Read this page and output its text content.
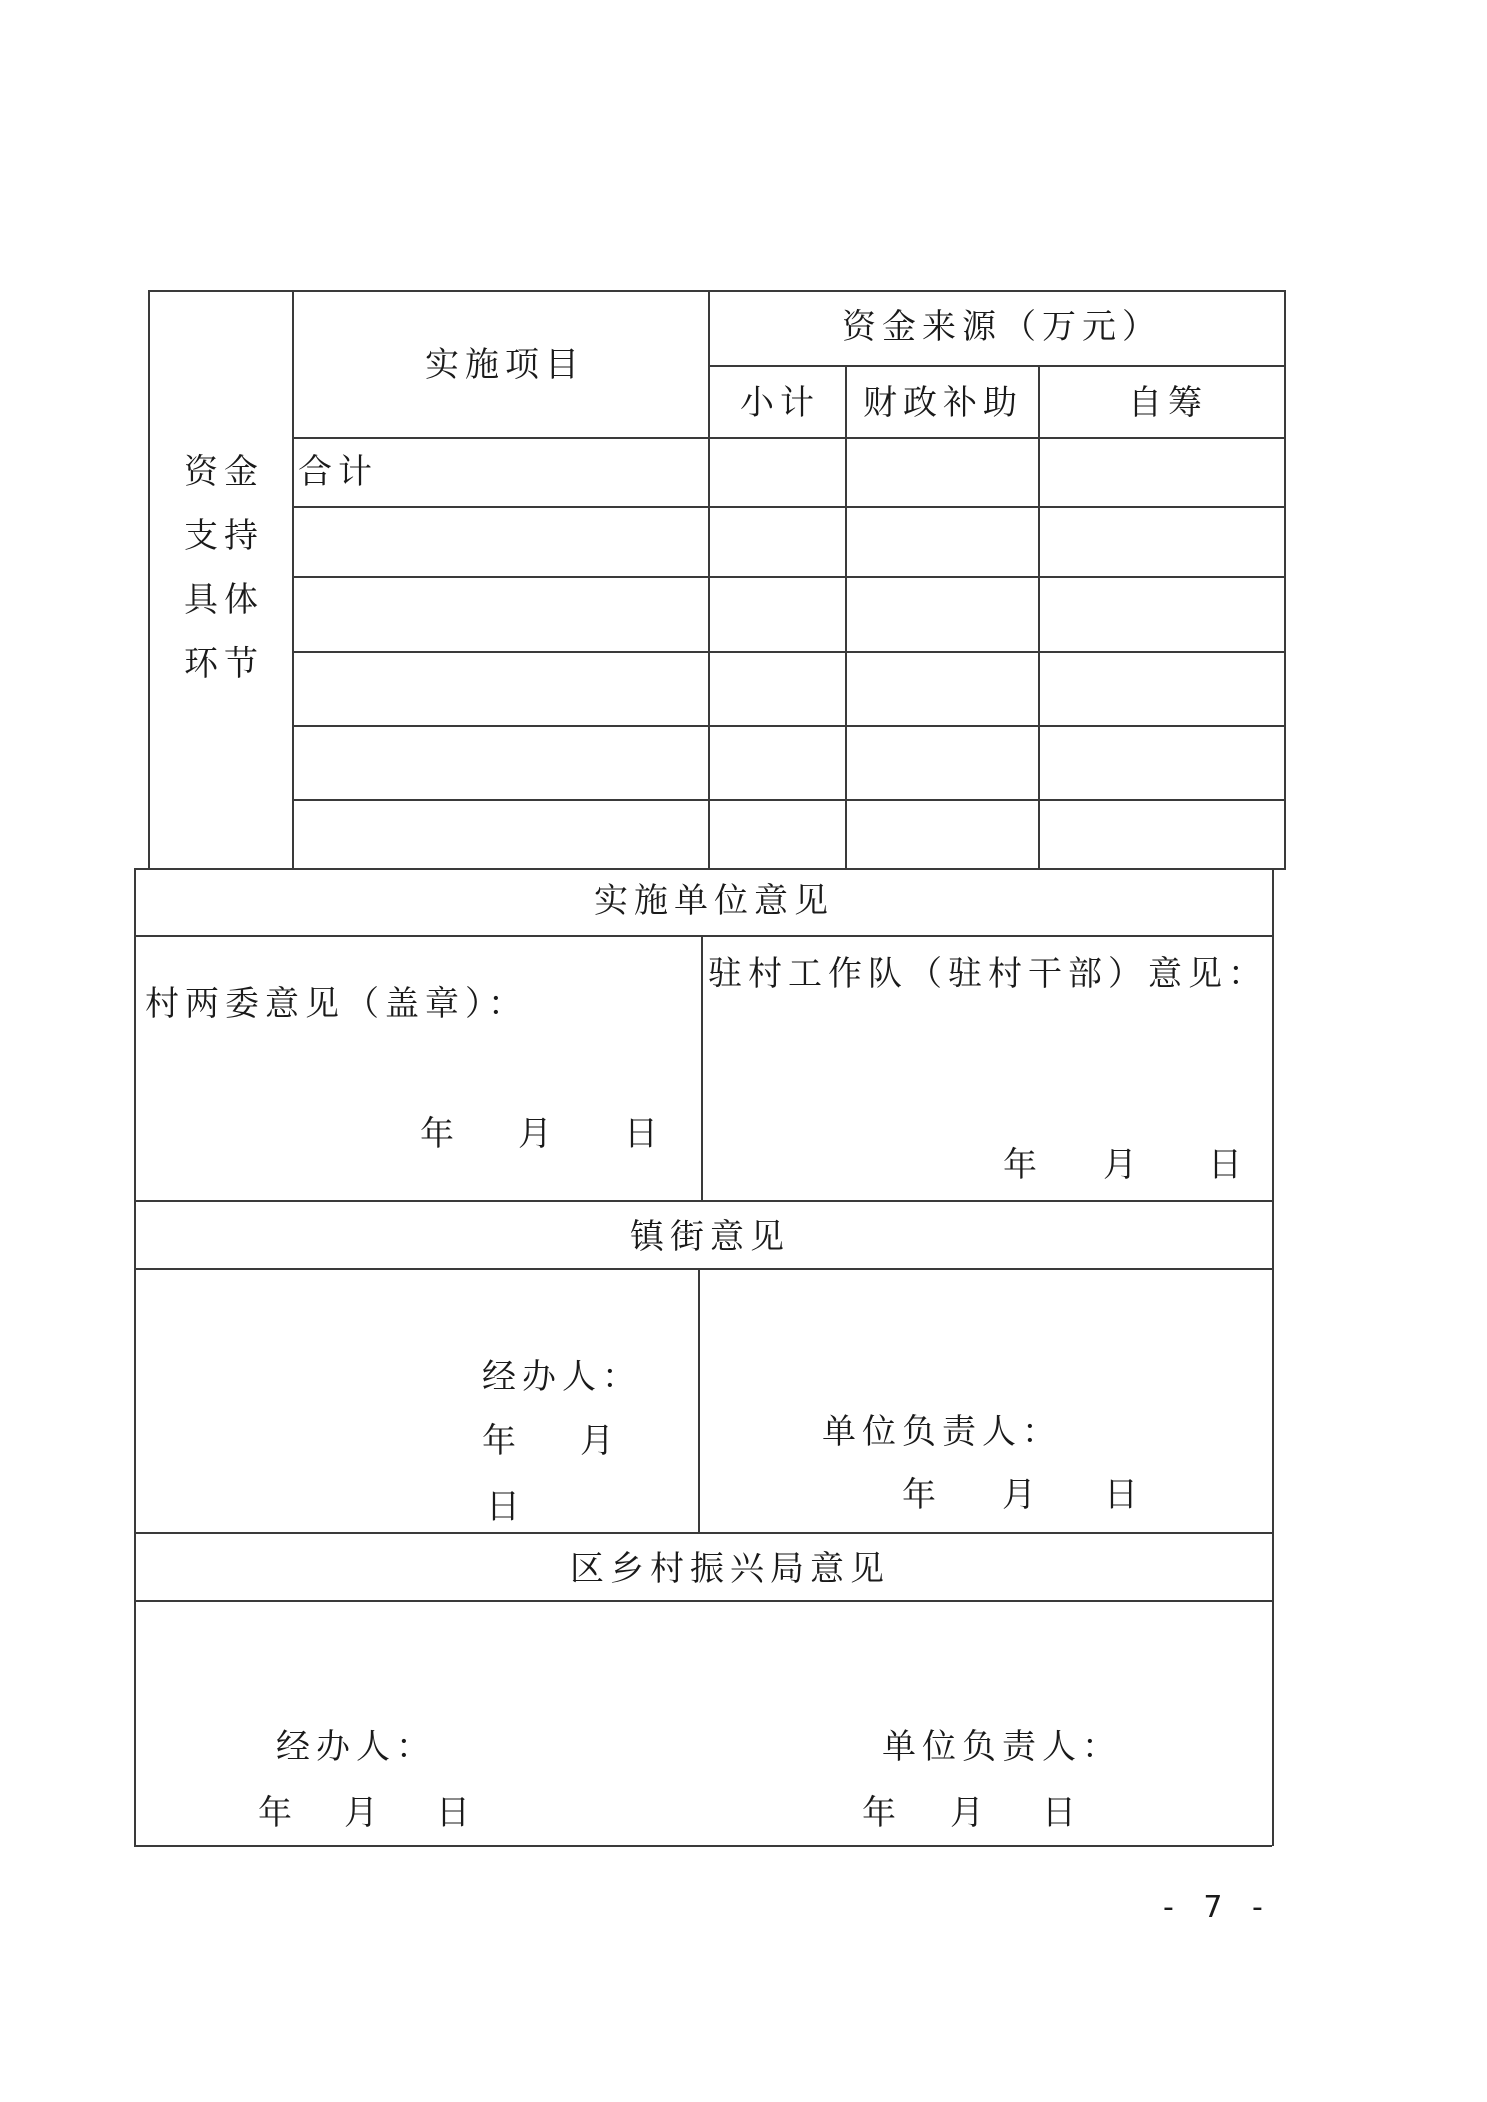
资金
支持
具体
环节
实施项目
资金来源（万元）
小计 财政补助	自筹
合计
实施单位意见
村两委意见（盖章）：
年 月 日
驻村工作队（驻村干部）意见：
年 月 日
镇街意见
经办人：
年 月
日
单位负责人：
年 月 日
区乡村振兴局意见
经办人：
年 月 日
单位负责人：
年 月 日
- 7 -
